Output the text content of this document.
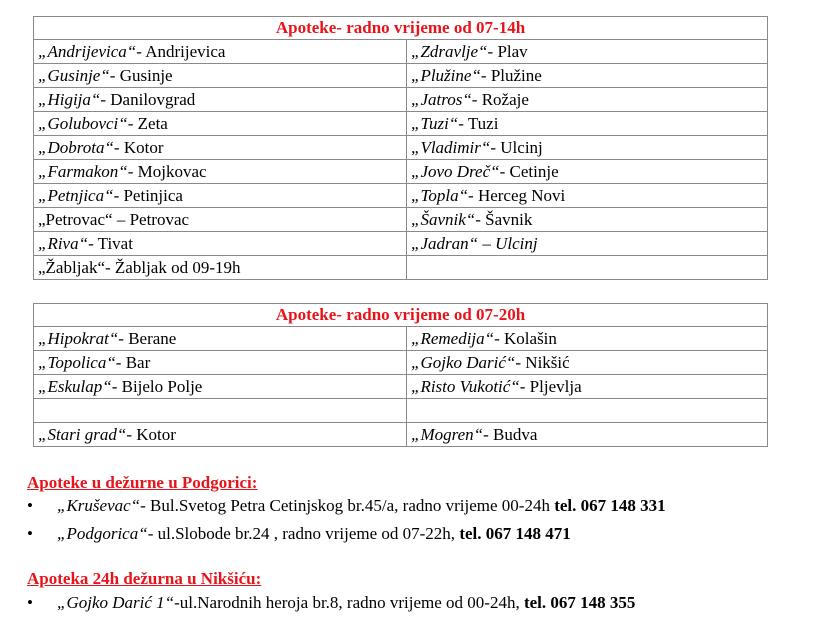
Apoteke- radno vrijeme od 07-14h	
„Andrijevica“- Andrijevica	„Zdravlje“- Plav
„Gusinje“- Gusinje	„Plužine“- Plužine
„Higija“- Danilovgrad	„Jatros“- Rožaje
„Golubovci“- Zeta	„Tuzi“- Tuzi
„Dobrota“- Kotor	„Vladimir“- Ulcinj
„Farmakon“- Mojkovac	„Jovo Dreč“- Cetinje
„Petnjica“- Petinjica	„Topla“- Herceg Novi
„Petrovac“ – Petrovac	„Šavnik“- Šavnik
„Riva“- Tivat	„Jadran“ – Ulcinj
„Žabljak“- Žabljak od 09-19h	
Apoteke- radno vrijeme od 07-20h	
„Hipokrat“- Berane	„Remedija“- Kolašin
„Topolica“- Bar	„Gojko Darić“- Nikšić
„Eskulap“- Bijelo Polje	„Risto Vukotić“- Pljevlja

„Stari grad“- Kotor	„Mogren“- Budva
Apoteke u dežurne u Podgorici:
• „Kruševac“- Bul.Svetog Petra Cetinjskog br.45/a, radno vrijeme 00-24h tel. 067 148 331
• „Podgorica“- ul.Slobode br.24 , radno vrijeme od 07-22h, tel. 067 148 471
Apoteka 24h dežurna u Nikšiću:
• „Gojko Darić 1“-ul.Narodnih heroja br.8, radno vrijeme od 00-24h, tel. 067 148 355
